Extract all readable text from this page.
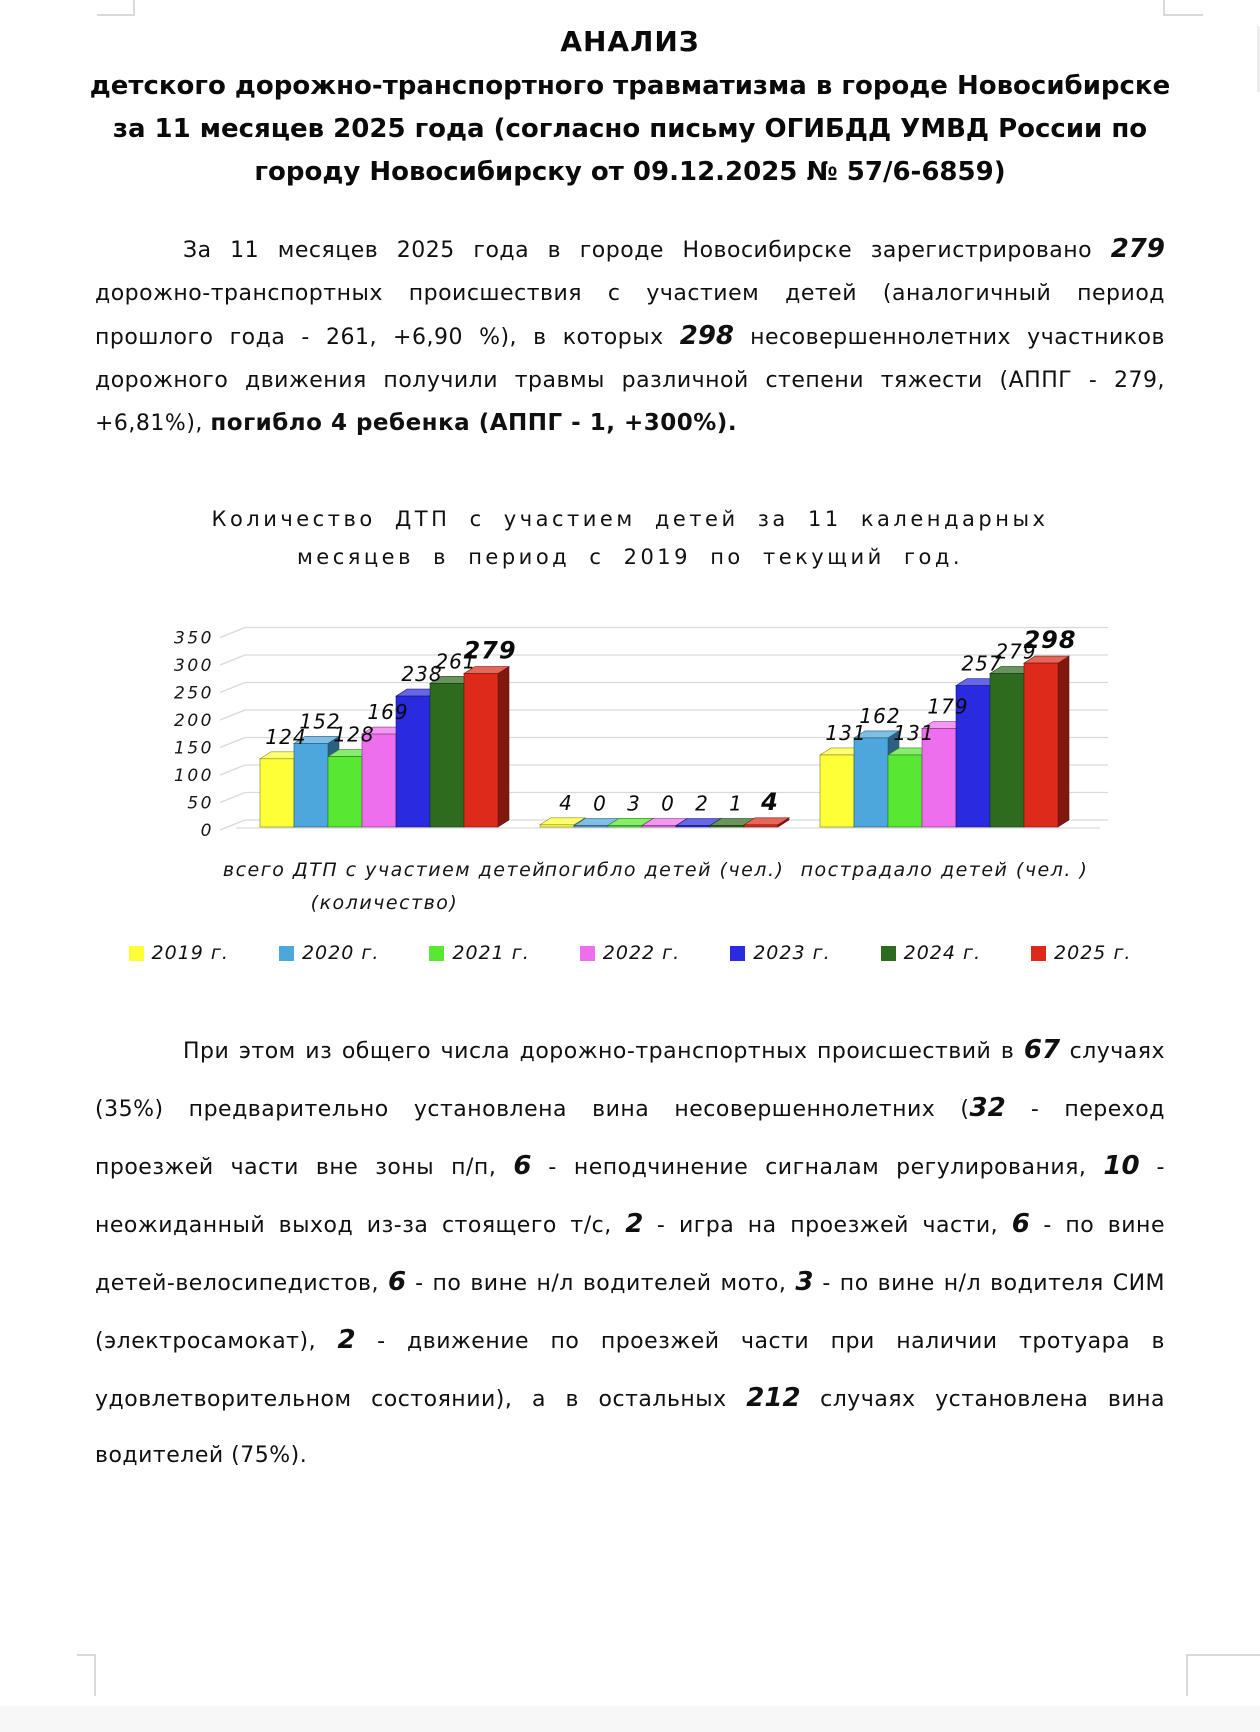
АНАЛИЗ
детского дорожно-транспортного травматизма в городе Новосибирске
за 11 месяцев 2025 года (согласно письму ОГИБДД УМВД России по
городу Новосибирску от 09.12.2025 № 57/6-6859)

За 11 месяцев 2025 года в городе Новосибирске зарегистрировано 279 дорожно-транспортных происшествия с участием детей (аналогичный период прошлого года - 261, +6,90 %), в которых 298 несовершеннолетних участников дорожного движения получили травмы различной степени тяжести (АППГ - 279, +6,81%), погибло 4 ребенка (АППГ - 1, +300%).

Количество ДТП с участием детей за 11 календарных
месяцев в период с 2019 по текущий год.
0
50
100
150
200
250
300
350
124
152
128
169
238
261
279
4 0 3 0 2 1 4
131
162
131
179
257
279
298
всего ДТП с участием детей
(количество)
погибло детей (чел.) пострадало детей (чел. )
2019 г.	2020 г.	2021 г.	2022 г.	2023 г.	2024 г.	2025 г.

При этом из общего числа дорожно-транспортных происшествий в 67 случаях (35%) предварительно установлена вина несовершеннолетних (32 - переход проезжей части вне зоны п/п, 6 - неподчинение сигналам регулирования, 10 - неожиданный выход из-за стоящего т/с, 2 - игра на проезжей части, 6 - по вине детей-велосипедистов, 6 - по вине н/л водителей мото, 3 - по вине н/л водителя СИМ (электросамокат), 2 - движение по проезжей части при наличии тротуара в удовлетворительном состоянии), а в остальных 212 случаях установлена вина водителей (75%).
